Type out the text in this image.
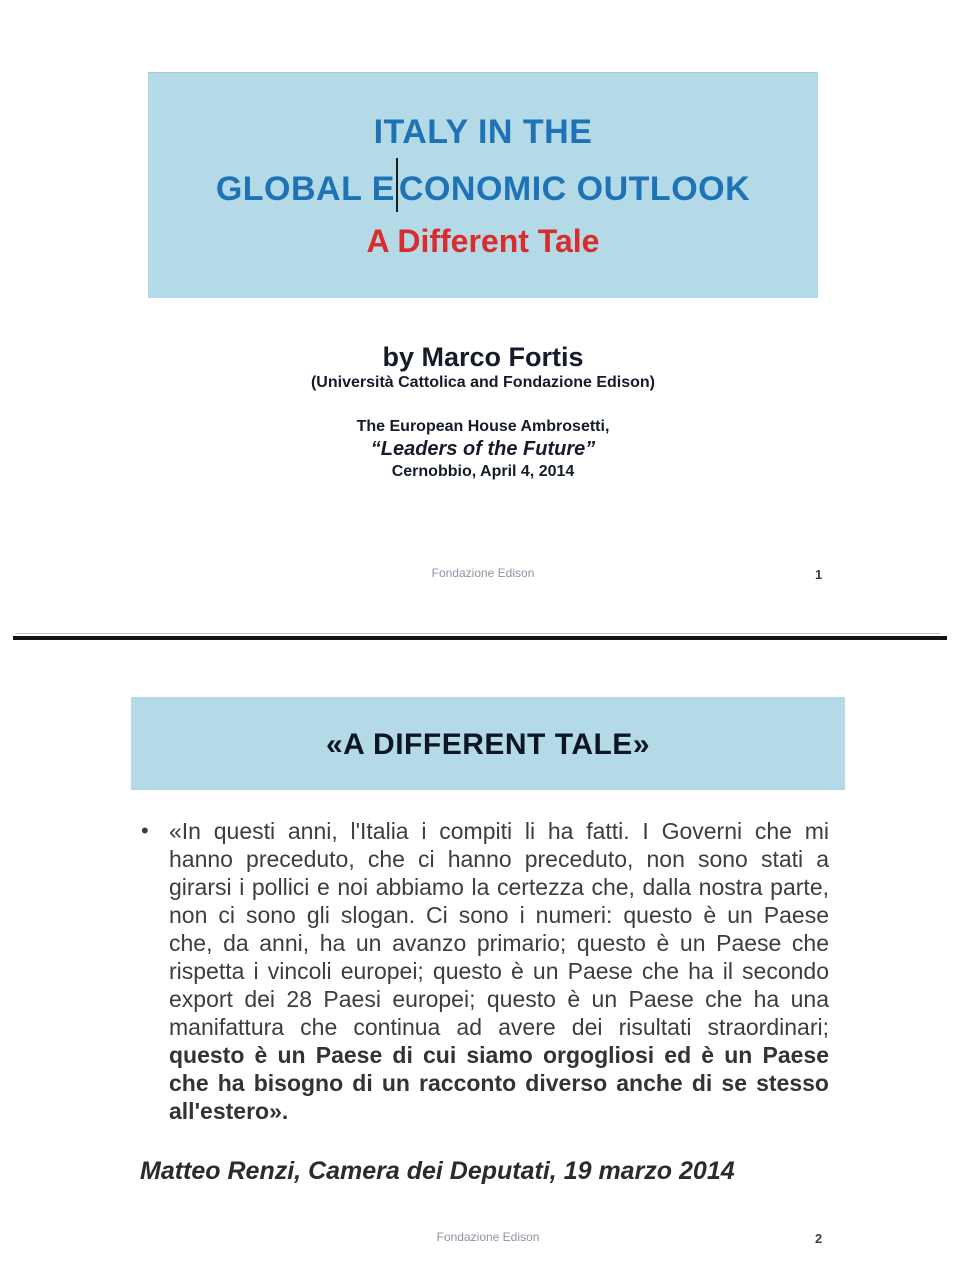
ITALY IN THE
GLOBAL E CONOMIC OUTLOOK
A Different Tale
by Marco Fortis
(Università Cattolica and Fondazione Edison)
The European House Ambrosetti,
“Leaders of the Future”
Cernobbio, April 4, 2014
Fondazione Edison	1
«A DIFFERENT TALE»
• «In questi anni, l'Italia i compiti li ha fatti. I Governi che mi hanno preceduto, che ci hanno preceduto, non sono stati a girarsi i pollici e noi abbiamo la certezza che, dalla nostra parte, non ci sono gli slogan. Ci sono i numeri: questo è un Paese che, da anni, ha un avanzo primario; questo è un Paese che rispetta i vincoli europei; questo è un Paese che ha il secondo export dei 28 Paesi europei; questo è un Paese che ha una manifattura che continua ad avere dei risultati straordinari; questo è un Paese di cui siamo orgogliosi ed è un Paese che ha bisogno di un racconto diverso anche di se stesso all'estero».
Matteo Renzi, Camera dei Deputati, 19 marzo 2014
Fondazione Edison	2
